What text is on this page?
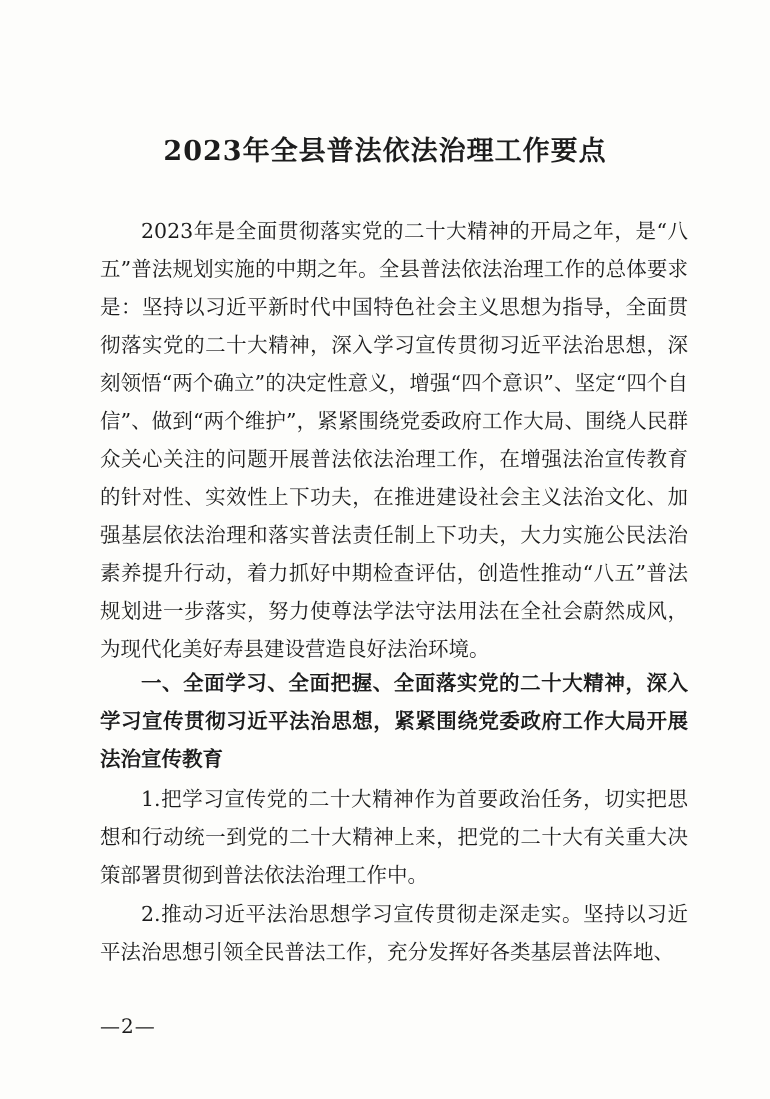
2023年全县普法依法治理工作要点

2023年是全面贯彻落实党的二十大精神的开局之年，是“八五”普法规划实施的中期之年。全县普法依法治理工作的总体要求是：坚持以习近平新时代中国特色社会主义思想为指导，全面贯彻落实党的二十大精神，深入学习宣传贯彻习近平法治思想，深刻领悟“两个确立”的决定性意义，增强“四个意识”、坚定“四个自信”、做到“两个维护”，紧紧围绕党委政府工作大局、围绕人民群众关心关注的问题开展普法依法治理工作，在增强法治宣传教育的针对性、实效性上下功夫，在推进建设社会主义法治文化、加强基层依法治理和落实普法责任制上下功夫，大力实施公民法治素养提升行动，着力抓好中期检查评估，创造性推动“八五”普法规划进一步落实，努力使尊法学法守法用法在全社会蔚然成风，为现代化美好寿县建设营造良好法治环境。

一、全面学习、全面把握、全面落实党的二十大精神，深入学习宣传贯彻习近平法治思想，紧紧围绕党委政府工作大局开展法治宣传教育

1.把学习宣传党的二十大精神作为首要政治任务，切实把思想和行动统一到党的二十大精神上来，把党的二十大有关重大决策部署贯彻到普法依法治理工作中。

2.推动习近平法治思想学习宣传贯彻走深走实。坚持以习近平法治思想引领全民普法工作，充分发挥好各类基层普法阵地、

—2—
